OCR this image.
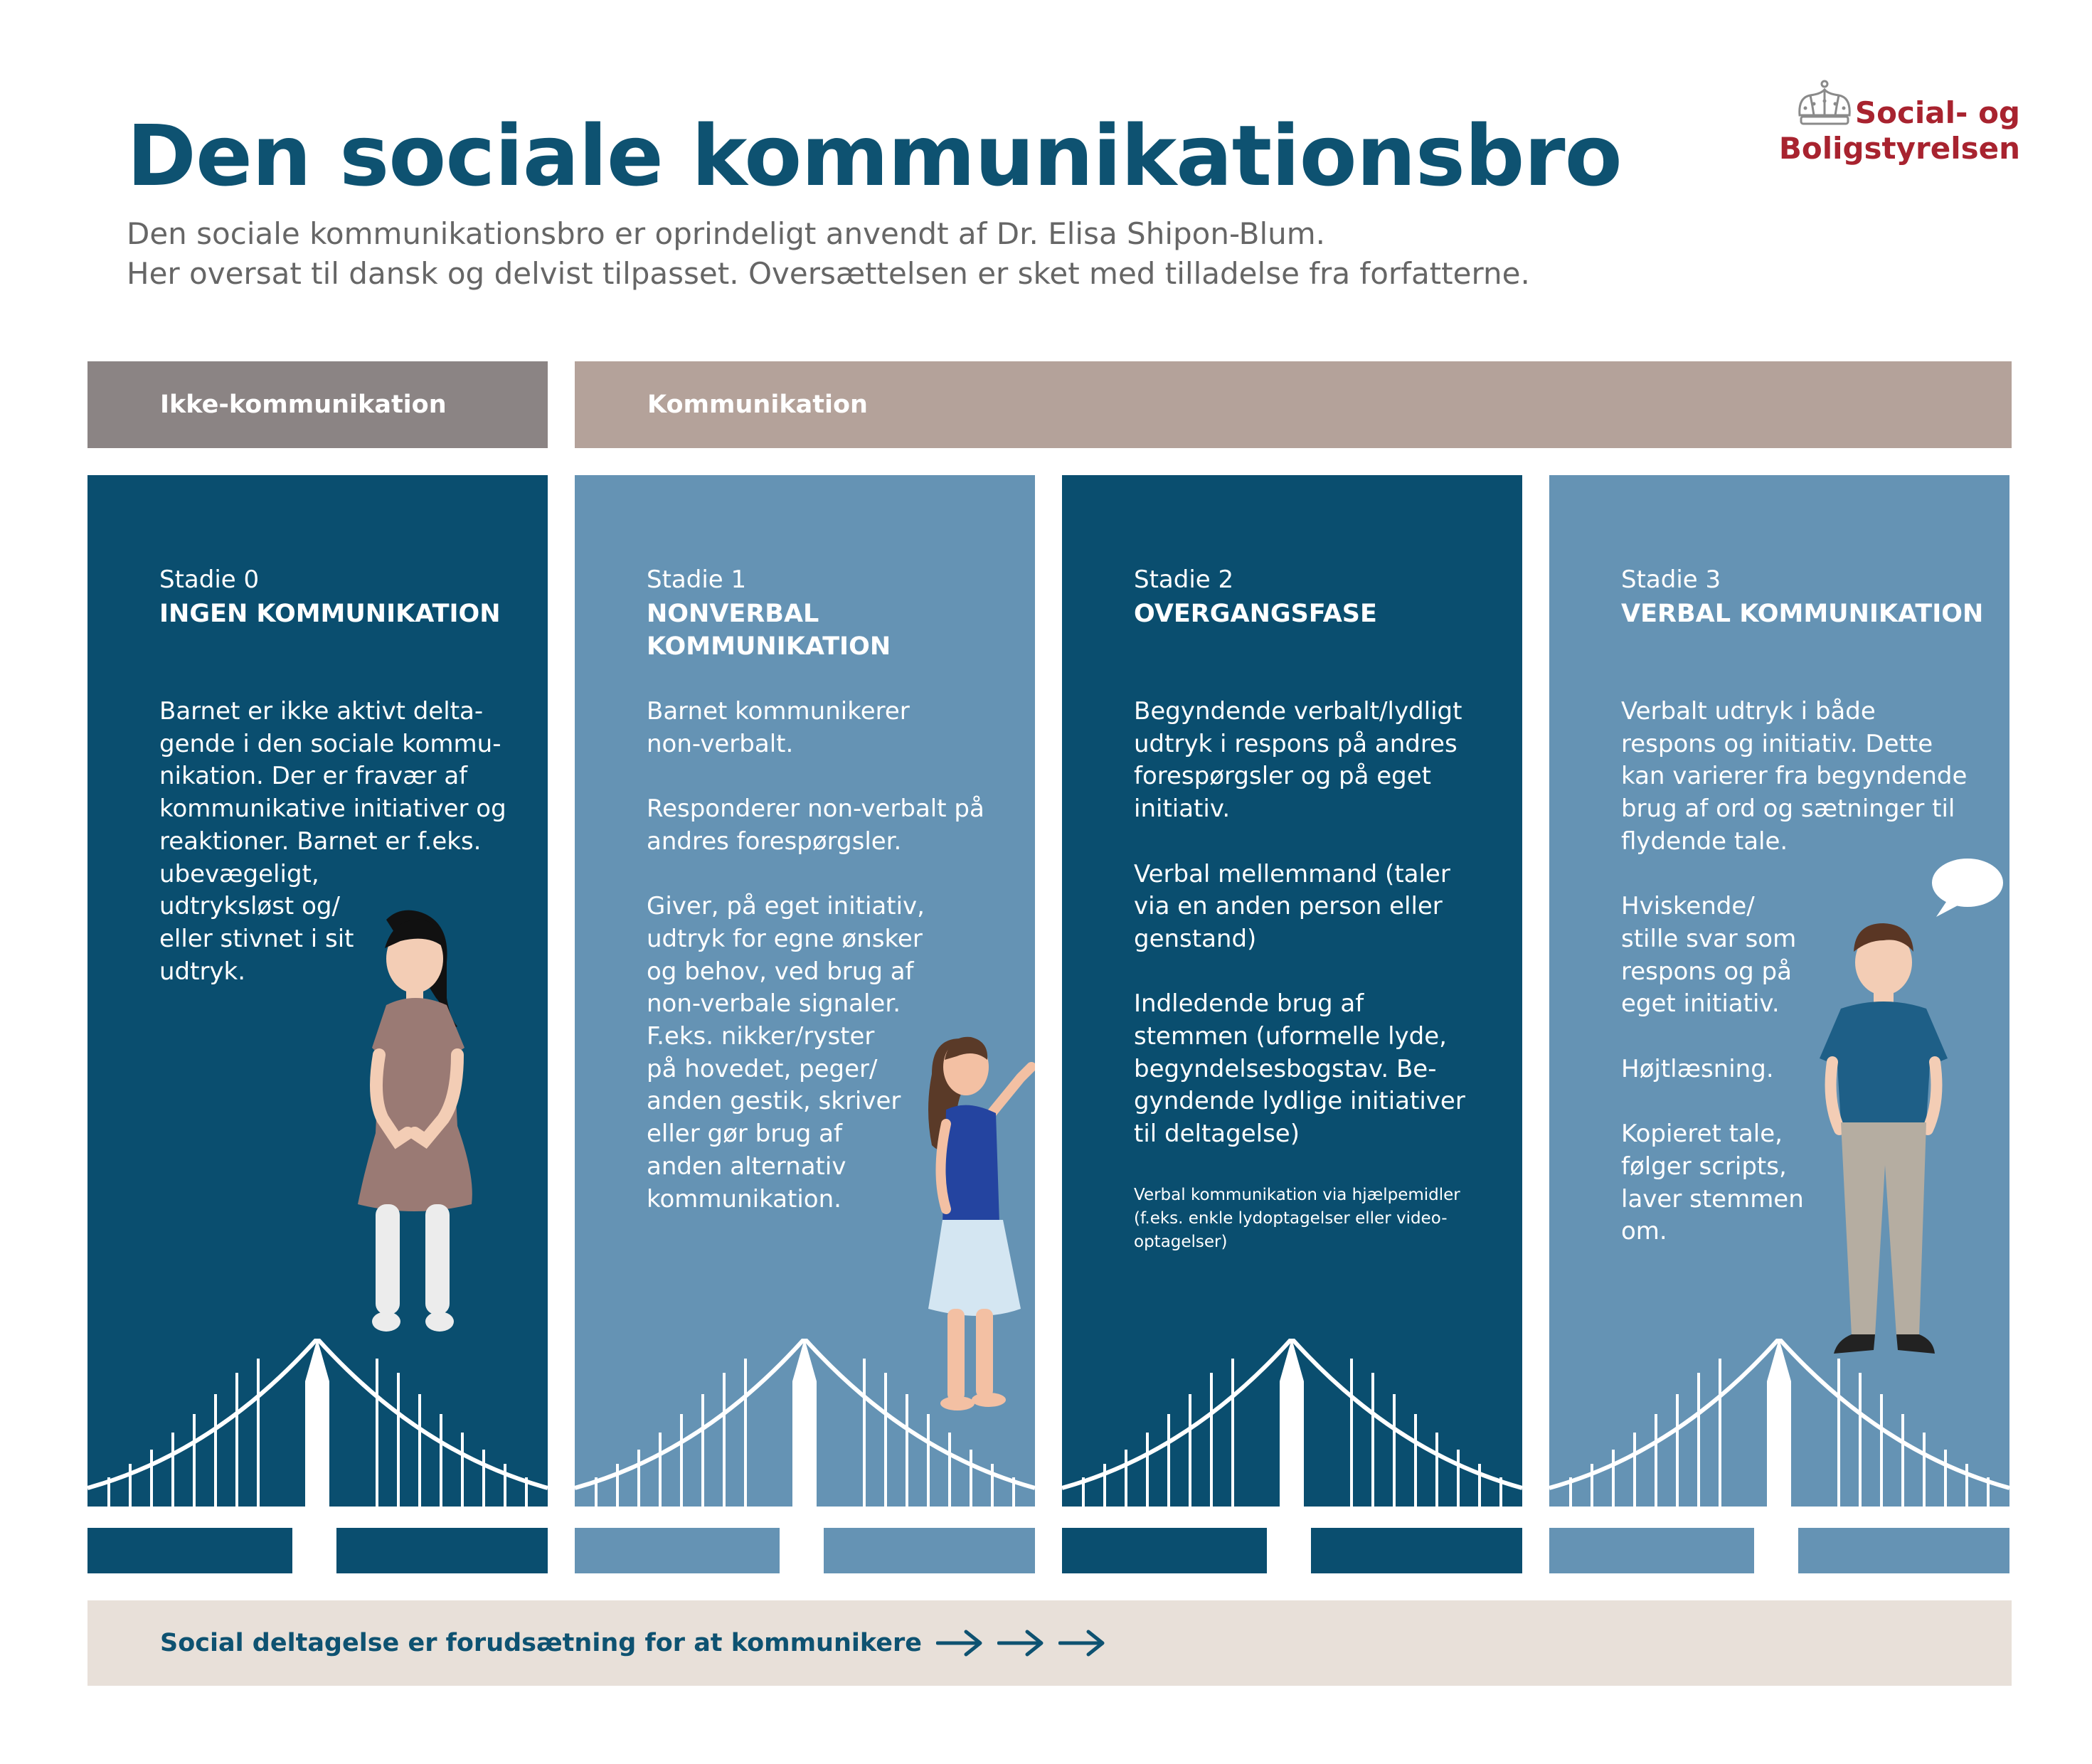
Den sociale kommunikationsbro
Den sociale kommunikationsbro er oprindeligt anvendt af Dr. Elisa Shipon-Blum.
Her oversat til dansk og delvist tilpasset. Oversættelsen er sket med tilladelse fra forfatterne.
Social- og
Boligstyrelsen
Ikke-kommunikation	Kommunikation
Stadie 0
INGEN KOMMUNIKATION

Barnet er ikke aktivt delta-
gende i den sociale kommu-
nikation. Der er fravær af
kommunikative initiativer og
reaktioner. Barnet er f.eks.
ubevægeligt,
udtryksløst og/
eller stivnet i sit
udtryk.

Stadie 1
NONVERBAL KOMMUNIKATION

Barnet kommunikerer
non-verbalt.

Responderer non-verbalt på
andres forespørgsler.

Giver, på eget initiativ,
udtryk for egne ønsker
og behov, ved brug af
non-verbale signaler.
F.eks. nikker/ryster
på hovedet, peger/
anden gestik, skriver
eller gør brug af
anden alternativ
kommunikation.

Stadie 2
OVERGANGSFASE

Begyndende verbalt/lydligt
udtryk i respons på andres
forespørgsler og på eget
initiativ.

Verbal mellemmand (taler
via en anden person eller
genstand)

Indledende brug af
stemmen (uformelle lyde,
begyndelsesbogstav. Be-
gyndende lydlige initiativer
til deltagelse)

Verbal kommunikation via hjælpemidler
(f.eks. enkle lydoptagelser eller video-
optagelser)

Stadie 3
VERBAL KOMMUNIKATION

Verbalt udtryk i både
respons og initiativ. Dette
kan varierer fra begyndende
brug af ord og sætninger til
flydende tale.

Hviskende/
stille svar som
respons og på
eget initiativ.

Højtlæsning.

Kopieret tale,
følger scripts,
laver stemmen
om.

Social deltagelse er forudsætning for at kommunikere
